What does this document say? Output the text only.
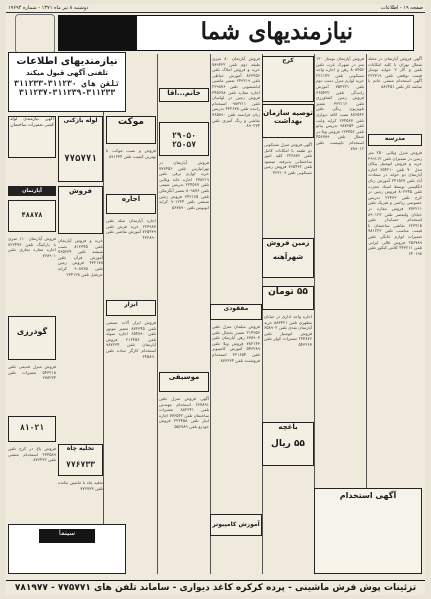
صفحه ۱۹ - اطلاعات
دوشنبه ۸ تیر ماه ۱۳۷۱ - شماره ۱۹۶۹۴
نیازمندیهای شما
نیازمندیهای اطلاعات
تلفنی آگهی قبول میکند
تلفن های ۳۱۱۲۳۰-۳۱۱۲۳۳
۳۱۱۲۳۷-۳۱۱۲۳۹-۳۱۱۲۳۳
آگهی نیازمندی لوله کشی تعمیرات ساختمان
لوله بازکنی
۷۷۵۷۷۱
آپارتمان
۴۸۸۷۸
فروش
گودرزی
۸۱۰۲۱
تخلیه چاه
۷۷۶۷۳۳
سینما
موکت
اجاره
خانم...آقا
۲۹۰۵۰ ۲۵۰۵۷
کرج
توصیه سازمان بهداشت
زمین فروش
شهرآهنه
۵۵ تومان
باغچه
۵۵ ریال
آموزش کامپیوتر
آگهی استخدام
موسیقی
مدرسه
ابزار
مفقودی
آگهی فروش آپارتمان در محله شمال تهران با کلیه امکانات تلفن و گاز ۳ خوابه نوساز قیمت توافقی تلفن ۲۲۲۳۱۹ آگهی استخدام منشی خانم با سابقه کار تلفن ۸۸۲۴۵۱
فروش منزل ویلایی ۲۵۰ متر زمین در شمیران تلفن ۲۹۹۱۱۲ خرید و فروش اتومبیل پیکان مدل ۷۰ تلفن ۶۵۴۲۱۰ اجاره آپارتمان دو خوابه در سعادت آباد تلفن ۲۴۱۵۶۷ آموزش زبان انگلیسی توسط استاد مجرب تلفن ۸۰۲۳۴۵ فروش زمین در کرج تلفن ۲۲۴۳۳ تدریس خصوصی ریاضی و فیزیک تلفن ۷۷۳۲۱۱ فروش مغازه در خیابان ولیعصر تلفن ۸۹۰۱۲۳ استخدام حسابدار تلفن ۶۲۳۴۱۵ نقاشی ساختمان با قیمت مناسب تلفن ۷۸۱۲۲۳ تعمیرات لوازم خانگی تلفن ۲۵۶۷۸۹ فروش قالی ایرانی تلفن ۴۴۳۲۱۱ کلاس کنکور تلفن ۶۴۰۱۹۸
فروش آپارتمان نوساز ۱۲۰ متر در شهرک غرب تلفن ۸۰۸۴۵۶ رهن و اجاره واحد مسکونی تلفن ۲۲۱۱۴۳ خرید لوازم منزل دست دوم تلفن ۷۵۴۳۲۱ آموزش رانندگی تلفن ۶۶۵۴۳۲ فروش زمین کشاورزی تلفن ۳۳۲۱۱۲ تعمیر تلویزیون رنگی تلفن ۸۷۶۵۴۳ نصب کاغذ دیواری تلفن ۲۳۴۵۶۷ کرایه وانت تلفن ۹۸۷۶۵۴ تدریس پیانو تلفن ۱۲۳۴۵۶ فروش ویلا در شمال تلفن ۴۵۶۷۸۹ استخدام تایپیست تلفن ۷۸۹۰۱۲
آگهی فروش منزل مسکونی دو طبقه با امکانات کامل تلفن ۲۲۲۸۷۶ کلیه امور ساختمانی پذیرفته میشود تلفن ۷۶۵۴۳۲ فروش زمین مسکونی تلفن ۴۳۲۱۰۹
اجاره واحد اداری در خیابان مطهری تلفن ۸۸۳۴۲۱ خرید آپارتمان نقدی تلفن ۶۵۸۹۰۲ فروش اتومبیل تلفن ۲۳۴۸۷۶ تعمیرات کولر تلفن ۵۴۳۲۶۷
فروش آپارتمان ۸۰ متری طبقه دوم تلفن ۷۸۹۴۳۲ خرید و فروش املاک تلفن ۸۲۳۴۵۶ آموزش خیاطی تلفن ۶۴۳۲۱۹ تعمیر ماشین لباسشویی تلفن ۲۲۹۸۷۶ اجاره مغازه تلفن ۳۴۵۶۷۸ فروش زمین در لواسان تلفن ۹۸۳۲۱۱ استخدام راننده تلفن ۴۳۲۶۷۸ تدریس زبان فرانسه تلفن ۷۶۵۸۹۰ نقاشی و رنگ آمیزی تلفن ۸۹۰۲۳۴
فروش مبلمان منزل تلفن ۲۱۴۳۵۶ تعمیر یخچال تلفن ۶۷۸۹۰۳ رهن آپارتمان تلفن ۷۸۲۱۴۳ فروش ویلا تلفن ۵۴۳۲۸۹ آموزش کامپیوتر تلفن ۳۲۱۶۵۴ استخدام فروشنده تلفن ۸۷۶۲۳۴
فروش آپارتمان در تهرانپارس تلفن ۷۷۳۴۵۶ خرید لوازم برقی تلفن ۶۷۸۲۱۹ اجاره خانه ویلایی تلفن ۲۲۴۵۶۷ تدریس شیمی تلفن ۸۰۹۸۷۶ تعمیر آبگرمکن تلفن ۳۴۲۱۶۵ فروش زمین صنعتی تلفن ۹۰۱۲۳۴ کرایه اتوبوس تلفن ۵۶۷۸۹۰
آگهی فروش منزل تلفن ۶۶۷۸۹۱ استخدام مهندس تلفن ۸۸۲۳۴۱ تعمیرات ساختمان تلفن ۷۷۶۵۴۲ اجاره انبار تلفن ۲۲۳۴۵۸ فروش خودرو تلفن ۵۵۶۷۸۹
فروش و نصب موکت با بهترین کیفیت تلفن ۸۹۱۲۳۴
اجاره آپارتمان مبله تلفن ۲۲۳۹۸۷ خرید فرش تلفن ۷۶۵۴۳۹ آموزش نقاشی تلفن ۴۳۲۸۹۰
فروش ابزار آلات صنعتی تلفن ۸۷۲۳۴۵ تعمیر موتور تلفن ۶۵۴۸۹۰ اجاره سوله تلفن ۲۱۳۴۵۶ فروش آپارتمان تلفن ۹۸۷۲۳۴ استخدام کارگر ساده تلفن ۳۴۵۸۹۰
فروش آپارتمان ۱۱۰ متری با پارکینگ تلفن ۸۲۳۴۷۶ اجاره مغازه تجاری تلفن ۷۶۸۹۰۱
فروش منزل قدیمی تلفن ۵۴۳۲۱۸ تعمیرات تلفن ۶۷۸۲۳۴
خرید و فروش آپارتمان تلفن ۸۱۲۳۴۵ نصب شیشه تلفن ۷۶۵۲۳۴ آموزش قرآن تلفن ۴۳۲۱۷۸ فروش زمین تلفن ۹۰۸۷۶۵ کرایه جرثقیل تلفن ۲۳۴۱۲۸
فروش باغ در کرج تلفن ۲۳۴۵۸۹ استخدام منشی تلفن ۸۷۶۴۳۲
تخلیه چاه با ماشین مکنده تلفن ۷۷۶۷۳۳
تزئینات پوش فرش ماشینی - پرده کرکره کاغذ دیواری - ساماند تلفن های ۷۷۵۷۷۱ - ۷۸۱۹۷۷
